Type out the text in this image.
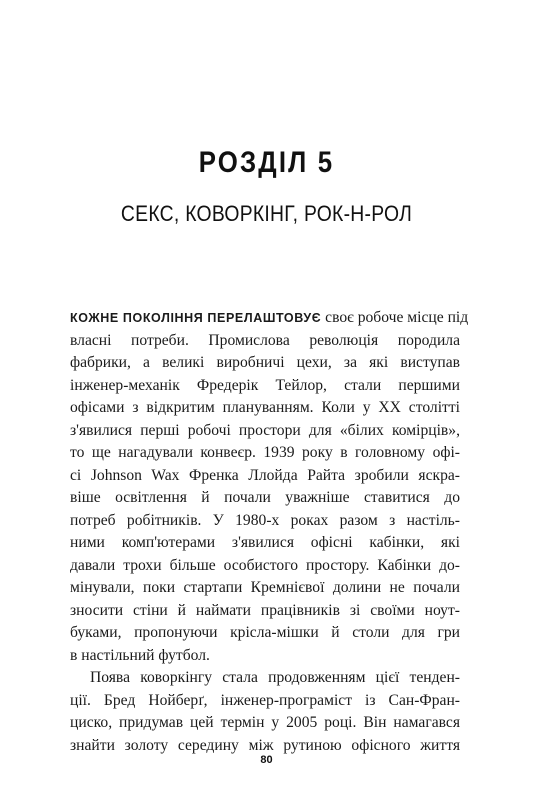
РОЗДІЛ 5
СЕКС, КОВОРКІНГ, РОК-Н-РОЛ
КОЖНЕ ПОКОЛІННЯ ПЕРЕЛАШТОВУЄ своє робоче місце під
власні потреби. Промислова революція породила
фабрики, а великі виробничі цехи, за які виступав
інженер-механік Фредерік Тейлор, стали першими
офісами з відкритим плануванням. Коли у XX столітті
з'явилися перші робочі простори для «білих комірців»,
то ще нагадували конвеєр. 1939 року в головному офі-
сі Johnson Wax Френка Ллойда Райта зробили яскра-
віше освітлення й почали уважніше ставитися до
потреб робітників. У 1980-х роках разом з настіль-
ними комп'ютерами з'явилися офісні кабінки, які
давали трохи більше особистого простору. Кабінки до-
мінували, поки стартапи Кремнієвої долини не почали
зносити стіни й наймати працівників зі своїми ноут-
буками, пропонуючи крісла-мішки й столи для гри
в настільний футбол.
Поява коворкінгу стала продовженням цієї тенден-
ції. Бред Нойберґ, інженер-програміст із Сан-Фран-
циско, придумав цей термін у 2005 році. Він намагався
знайти золоту середину між рутиною офісного життя
80
